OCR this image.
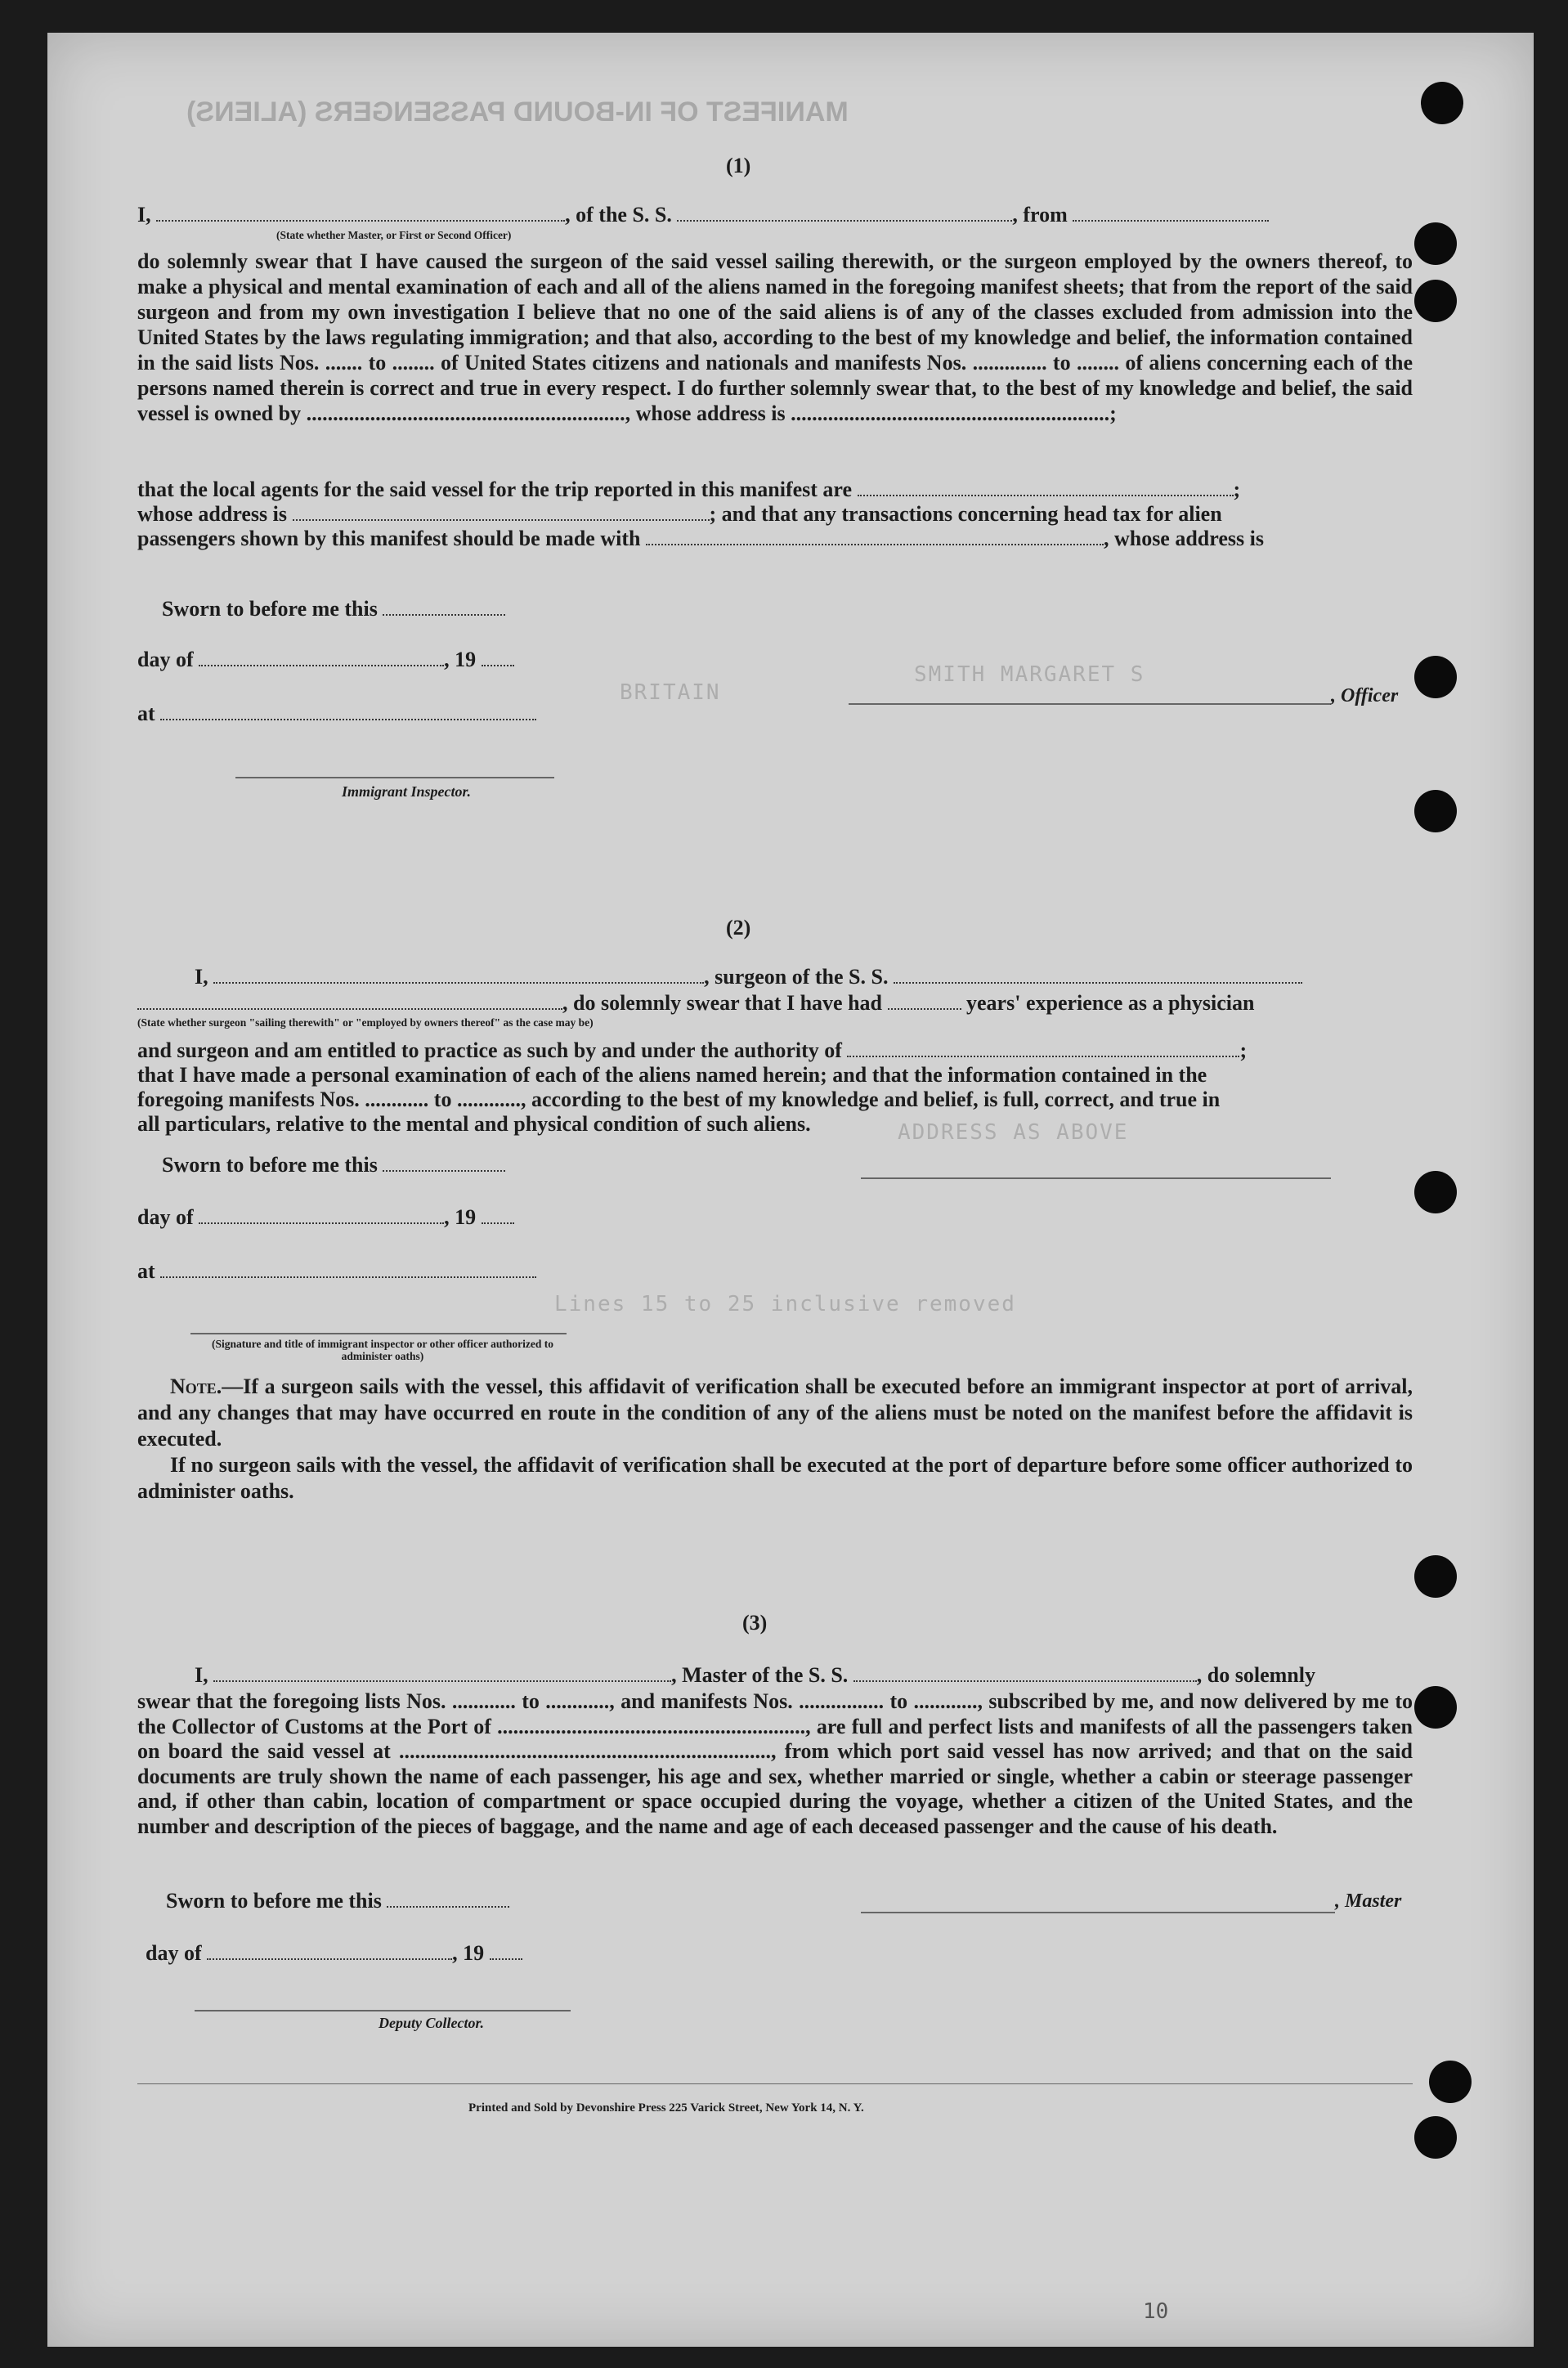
MANIFEST OF IN-BOUND PASSENGERS (ALIENS)
SMITH MARGARET S
BRITAIN
ADDRESS AS ABOVE
Lines 15 to 25 inclusive removed
(1)
I,	, of the S. S.	, from
(State whether Master, or First or Second Officer)
do solemnly swear that I have caused the surgeon of the said vessel sailing therewith, or the surgeon employed by the owners thereof, to make a physical and mental examination of each and all of the aliens named in the foregoing manifest sheets; that from the report of the said surgeon and from my own investigation I believe that no one of the said aliens is of any of the classes excluded from admission into the United States by the laws regulating immigration; and that also, according to the best of my knowledge and belief, the information contained in the said lists Nos. ....... to ........ of United States citizens and nationals and manifests Nos. .............. to ........ of aliens concerning each of the persons named therein is correct and true in every respect. I do further solemnly swear that, to the best of my knowledge and belief, the said vessel is owned by ............................................................, whose address is ............................................................;
that the local agents for the said vessel for the trip reported in this manifest are	;
whose address is	; and that any transactions concerning head tax for alien
passengers shown by this manifest should be made with	, whose address is
Sworn to before me this
day of	, 19
at
, Officer
Immigrant Inspector.
(2)
I,	, surgeon of the S. S.
, do solemnly swear that I have had	years' experience as a physician
(State whether surgeon "sailing therewith" or "employed by owners thereof" as the case may be)
and surgeon and am entitled to practice as such by and under the authority of	;
that I have made a personal examination of each of the aliens named herein; and that the information contained in the
foregoing manifests Nos. ............ to ............, according to the best of my knowledge and belief, is full, correct, and true in
all particulars, relative to the mental and physical condition of such aliens.
Sworn to before me this
day of	, 19
at
(Signature and title of immigrant inspector or other officer authorized to administer oaths)
Note.—If a surgeon sails with the vessel, this affidavit of verification shall be executed before an immigrant inspector at port of arrival, and any changes that may have occurred en route in the condition of any of the aliens must be noted on the manifest before the affidavit is executed.
If no surgeon sails with the vessel, the affidavit of verification shall be executed at the port of departure before some officer authorized to administer oaths.
(3)
I,	, Master of the S. S.	, do solemnly
swear that the foregoing lists Nos. ............ to ............, and manifests Nos. ................ to ............, subscribed by me, and now delivered by me to the Collector of Customs at the Port of .........................................................., are full and perfect lists and manifests of all the passengers taken on board the said vessel at ......................................................................, from which port said vessel has now arrived; and that on the said documents are truly shown the name of each passenger, his age and sex, whether married or single, whether a cabin or steerage passenger and, if other than cabin, location of compartment or space occupied during the voyage, whether a citizen of the United States, and the number and description of the pieces of baggage, and the name and age of each deceased passenger and the cause of his death.
Sworn to before me this	, Master
day of	, 19
Deputy Collector.
Printed and Sold by Devonshire Press 225 Varick Street, New York 14, N. Y.
10
